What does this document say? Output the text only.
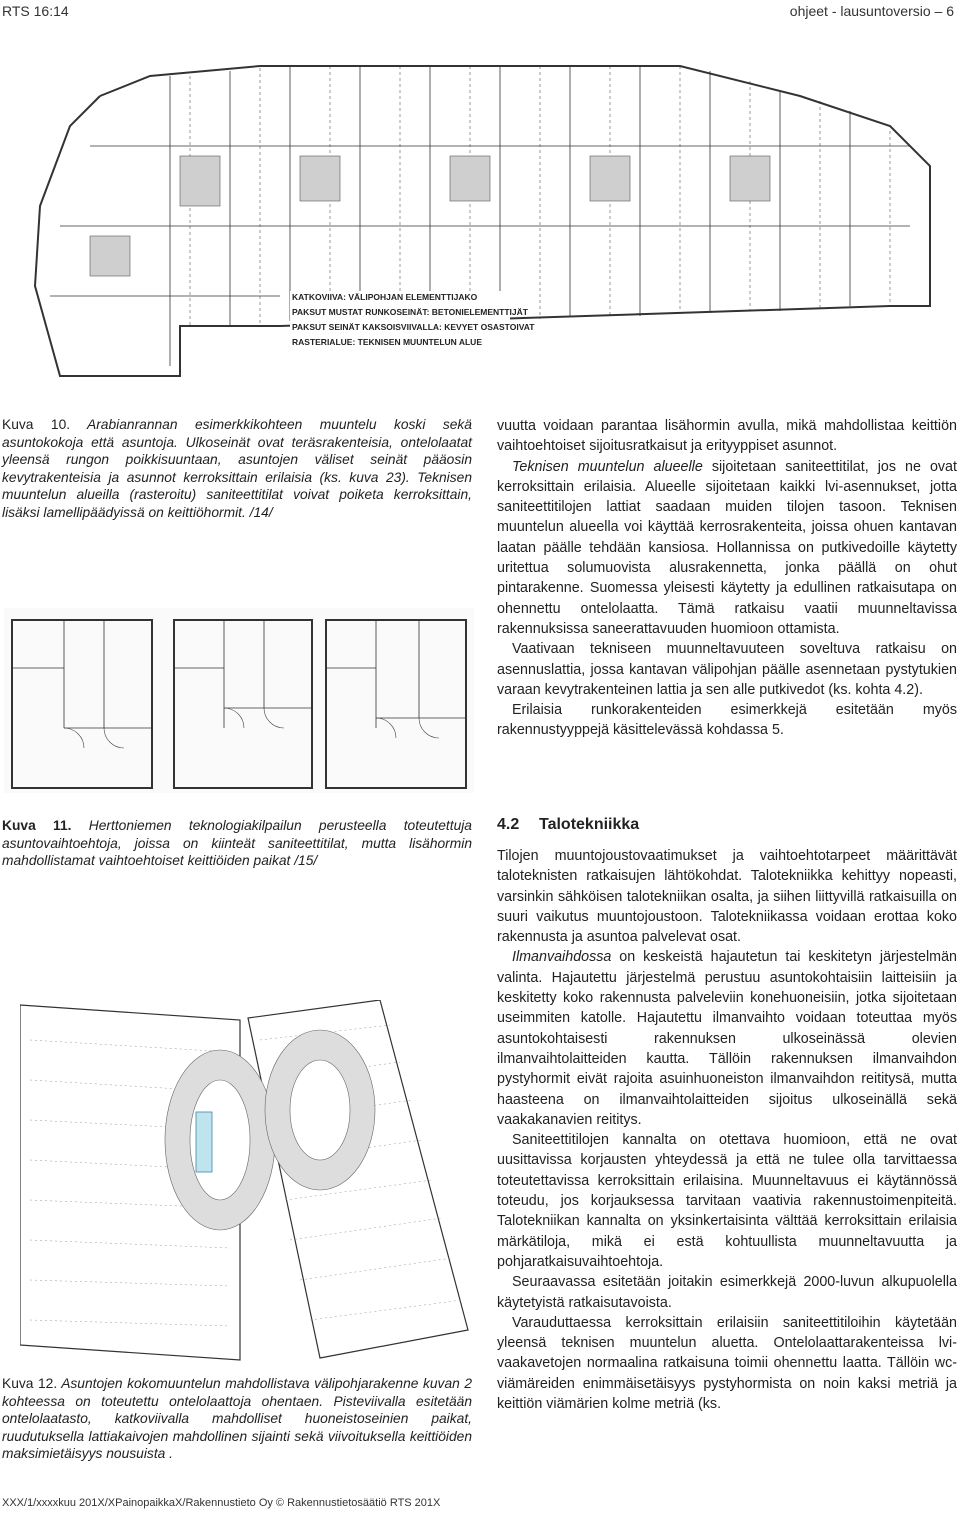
RTS 16:14	ohjeet - lausuntoversio – 6
KATKOVIIVA: VÄLIPOHJAN ELEMENTTIJAKO
PAKSUT MUSTAT RUNKOSEINÄT: BETONIELEMENTTIJÄT
PAKSUT SEINÄT KAKSOISVIIVALLA: KEVYET OSASTOIVAT
RASTERIALUE: TEKNISEN MUUNTELUN ALUE

Kuva 10. Arabianrannan esimerkkikohteen muuntelu koski sekä asuntokokoja että asuntoja. Ulkoseinät ovat teräsrakenteisia, ontelolaatat yleensä rungon poikkisuuntaan, asuntojen väliset seinät pääosin kevytrakenteisia ja asunnot kerroksittain erilaisia (ks. kuva 23). Teknisen muuntelun alueilla (rasteroitu) saniteettitilat voivat poiketa kerroksittain, lisäksi lamellipäädyissä on keittiöhormit. /14/

Kuva 11. Herttoniemen teknologiakilpailun perusteella toteutettuja asuntovaihtoehtoja, joissa on kiinteät saniteettitilat, mutta lisähormin mahdollistamat vaihtoehtoiset keittiöiden paikat /15/

Kuva 12. Asuntojen kokomuuntelun mahdollistava välipohjarakenne kuvan 2 kohteessa on toteutettu ontelolaattoja ohentaen. Pisteviivalla esitetään ontelolaatasto, katkoviivalla mahdolliset huoneistoseinien paikat, ruudutuksella lattiakaivojen mahdollinen sijainti sekä viivoituksella keittiöiden maksimietäisyys nousuista .

vuutta voidaan parantaa lisähormin avulla, mikä mahdollistaa keittiön vaihtoehtoiset sijoitusratkaisut ja erityyppiset asunnot.

Teknisen muuntelun alueelle sijoitetaan saniteettitilat, jos ne ovat kerroksittain erilaisia. Alueelle sijoitetaan kaikki lvi-asennukset, jotta saniteettitilojen lattiat saadaan muiden tilojen tasoon. Teknisen muuntelun alueella voi käyttää kerrosrakenteita, joissa ohuen kantavan laatan päälle tehdään kansiosa. Hollannissa on putkivedoille käytetty uritettua solumuovista alusrakennetta, jonka päällä on ohut pintarakenne. Suomessa yleisesti käytetty ja edullinen ratkaisutapa on ohennettu ontelolaatta. Tämä ratkaisu vaatii muunneltavissa rakennuksissa saneerattavuuden huomioon ottamista.

Vaativaan tekniseen muunneltavuuteen soveltuva ratkaisu on asennuslattia, jossa kantavan välipohjan päälle asennetaan pystytukien varaan kevytrakenteinen lattia ja sen alle putkivedot (ks. kohta 4.2).

Erilaisia runkorakenteiden esimerkkejä esitetään myös rakennustyyppejä käsittelevässä kohdassa 5.

4.2 Talotekniikka

Tilojen muuntojoustovaatimukset ja vaihtoehtotarpeet määrittävät taloteknisten ratkaisujen lähtökohdat. Talotekniikka kehittyy nopeasti, varsinkin sähköisen talotekniikan osalta, ja siihen liittyvillä ratkaisuilla on suuri vaikutus muuntojoustoon. Talotekniikassa voidaan erottaa koko rakennusta ja asuntoa palvelevat osat.

Ilmanvaihdossa on keskeistä hajautetun tai keskitetyn järjestelmän valinta. Hajautettu järjestelmä perustuu asuntokohtaisiin laitteisiin ja keskitetty koko rakennusta palveleviin konehuoneisiin, jotka sijoitetaan useimmiten katolle. Hajautettu ilmanvaihto voidaan toteuttaa myös asuntokohtaisesti rakennuksen ulkoseinässä olevien ilmanvaihtolaitteiden kautta. Tällöin rakennuksen ilmanvaihdon pystyhormit eivät rajoita asuinhuoneiston ilmanvaihdon reititysä, mutta haasteena on ilmanvaihtolaitteiden sijoitus ulkoseinällä sekä vaakakanavien reititys.

Saniteettitilojen kannalta on otettava huomioon, että ne ovat uusittavissa korjausten yhteydessä ja että ne tulee olla tarvittaessa toteutettavissa kerroksittain erilaisina. Muunneltavuus ei käytännössä toteudu, jos korjauksessa tarvitaan vaativia rakennustoimenpiteitä. Talotekniikan kannalta on yksinkertaisinta välttää kerroksittain erilaisia märkätiloja, mikä ei estä kohtuullista muunneltavuutta ja pohjaratkaisuvaihtoehtoja.

Seuraavassa esitetään joitakin esimerkkejä 2000-luvun alkupuolella käytetyistä ratkaisutavoista.

Varauduttaessa kerroksittain erilaisiin saniteettitiloihin käytetään yleensä teknisen muuntelun aluetta. Ontelolaattarakenteissa lvi-vaakavetojen normaalina ratkaisuna toimii ohennettu laatta. Tällöin wc-viämäreiden enimmäisetäisyys pystyhormista on noin kaksi metriä ja keittiön viämärien kolme metriä (ks.

XXX/1/xxxxkuu 201X/XPainopaikkaX/Rakennustieto Oy © Rakennustietosäätiö RTS 201X
